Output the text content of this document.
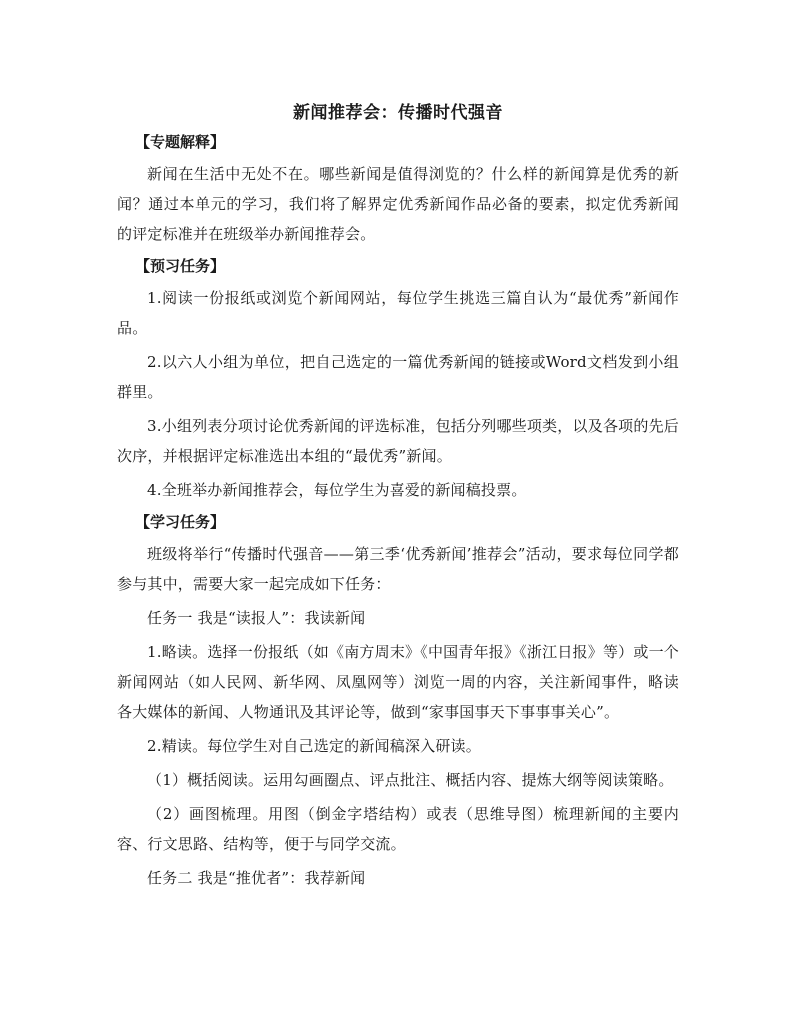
新闻推荐会：传播时代强音
【专题解释】

新闻在生活中无处不在。哪些新闻是值得浏览的？什么样的新闻算是优秀的新闻？通过本单元的学习，我们将了解界定优秀新闻作品必备的要素，拟定优秀新闻的评定标准并在班级举办新闻推荐会。

【预习任务】

1.阅读一份报纸或浏览个新闻网站，每位学生挑选三篇自认为“最优秀”新闻作品。

2.以六人小组为单位，把自己选定的一篇优秀新闻的链接或Word文档发到小组群里。

3.小组列表分项讨论优秀新闻的评选标准，包括分列哪些项类，以及各项的先后次序，并根据评定标准选出本组的“最优秀”新闻。

4.全班举办新闻推荐会，每位学生为喜爱的新闻稿投票。

【学习任务】

班级将举行“传播时代强音——第三季‘优秀新闻’推荐会”活动，要求每位同学都参与其中，需要大家一起完成如下任务：

任务一 我是“读报人”：我读新闻

1.略读。选择一份报纸（如《南方周末》《中国青年报》《浙江日报》等）或一个新闻网站（如人民网、新华网、凤凰网等）浏览一周的内容，关注新闻事件，略读各大媒体的新闻、人物通讯及其评论等，做到“家事国事天下事事事关心”。

2.精读。每位学生对自己选定的新闻稿深入研读。

（1）概括阅读。运用勾画圈点、评点批注、概括内容、提炼大纲等阅读策略。

（2）画图梳理。用图（倒金字塔结构）或表（思维导图）梳理新闻的主要内容、行文思路、结构等，便于与同学交流。

任务二 我是“推优者”：我荐新闻
